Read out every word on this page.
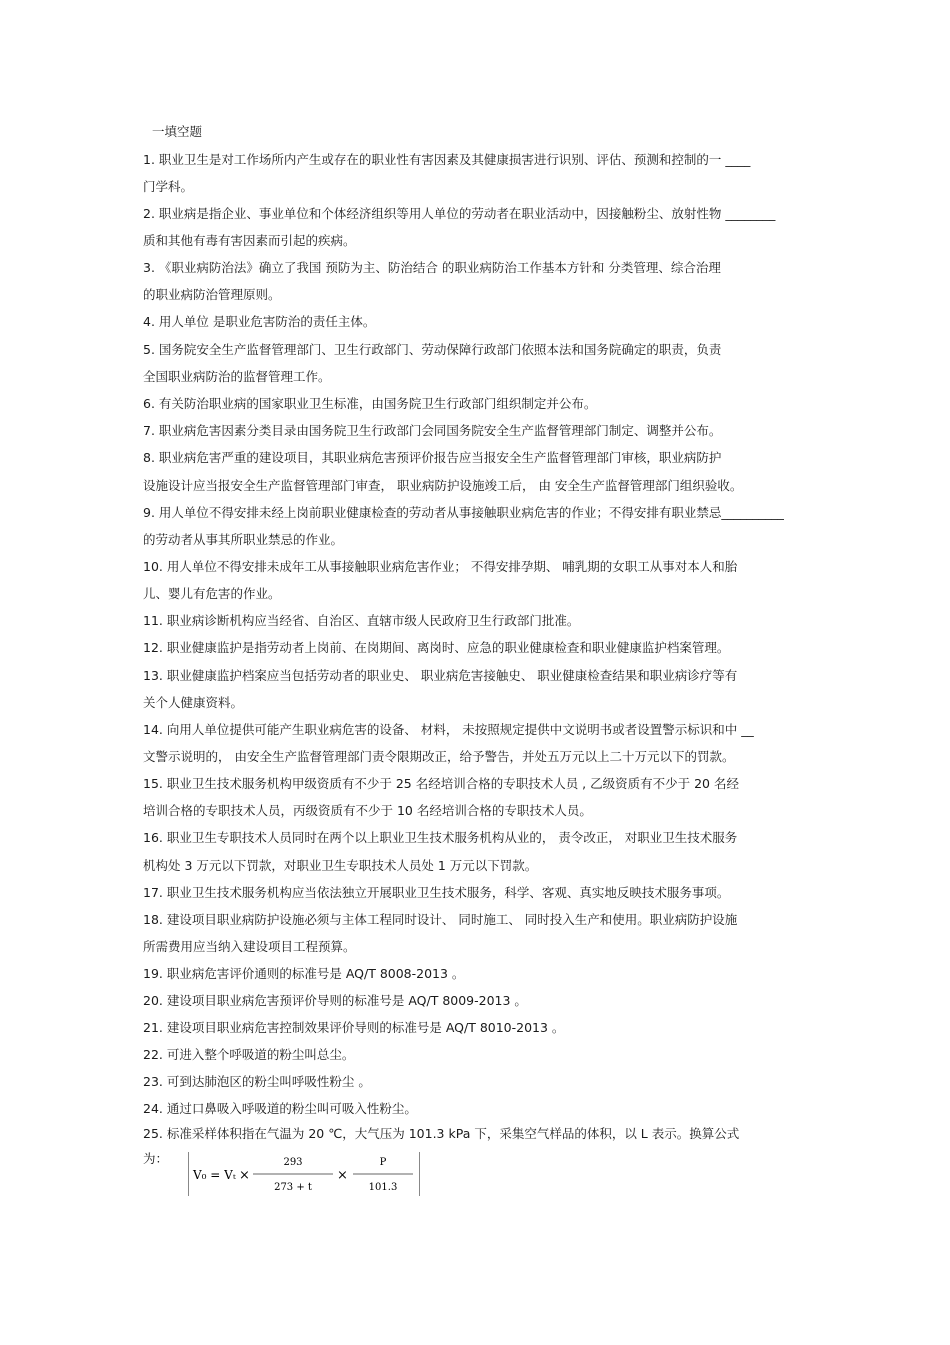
一填空题
1. 职业卫生是对工作场所内产生或存在的职业性有害因素及其健康损害进行识别、评估、预测和控制的一 ____
门学科。
2. 职业病是指企业、事业单位和个体经济组织等用人单位的劳动者在职业活动中，因接触粉尘、放射性物 ________
质和其他有毒有害因素而引起的疾病。
3. 《职业病防治法》确立了我国 预防为主、防治结合 的职业病防治工作基本方针和 分类管理、综合治理
的职业病防治管理原则。
4. 用人单位 是职业危害防治的责任主体。
5. 国务院安全生产监督管理部门、卫生行政部门、劳动保障行政部门依照本法和国务院确定的职责，负责
全国职业病防治的监督管理工作。
6. 有关防治职业病的国家职业卫生标准，由国务院卫生行政部门组织制定并公布。
7. 职业病危害因素分类目录由国务院卫生行政部门会同国务院安全生产监督管理部门制定、调整并公布。
8. 职业病危害严重的建设项目，其职业病危害预评价报告应当报安全生产监督管理部门审核，职业病防护
设施设计应当报安全生产监督管理部门审查， 职业病防护设施竣工后， 由 安全生产监督管理部门组织验收。
9. 用人单位不得安排未经上岗前职业健康检查的劳动者从事接触职业病危害的作业；不得安排有职业禁忌__________
的劳动者从事其所职业禁忌的作业。
10. 用人单位不得安排未成年工从事接触职业病危害作业； 不得安排孕期、 哺乳期的女职工从事对本人和胎
儿、婴儿有危害的作业。
11. 职业病诊断机构应当经省、自治区、直辖市级人民政府卫生行政部门批准。
12. 职业健康监护是指劳动者上岗前、在岗期间、离岗时、应急的职业健康检查和职业健康监护档案管理。
13. 职业健康监护档案应当包括劳动者的职业史、 职业病危害接触史、 职业健康检查结果和职业病诊疗等有
关个人健康资料。
14. 向用人单位提供可能产生职业病危害的设备、 材料， 未按照规定提供中文说明书或者设置警示标识和中 __
文警示说明的， 由安全生产监督管理部门责令限期改正，给予警告，并处五万元以上二十万元以下的罚款。
15. 职业卫生技术服务机构甲级资质有不少于 25 名经培训合格的专职技术人员 , 乙级资质有不少于 20 名经
培训合格的专职技术人员，丙级资质有不少于 10 名经培训合格的专职技术人员。
16. 职业卫生专职技术人员同时在两个以上职业卫生技术服务机构从业的， 责令改正， 对职业卫生技术服务
机构处 3 万元以下罚款，对职业卫生专职技术人员处 1 万元以下罚款。
17. 职业卫生技术服务机构应当依法独立开展职业卫生技术服务，科学、客观、真实地反映技术服务事项。
18. 建设项目职业病防护设施必须与主体工程同时设计、 同时施工、 同时投入生产和使用。职业病防护设施
所需费用应当纳入建设项目工程预算。
19. 职业病危害评价通则的标准号是 AQ/T 8008-2013 。
20. 建设项目职业病危害预评价导则的标准号是 AQ/T 8009-2013 。
21. 建设项目职业病危害控制效果评价导则的标准号是 AQ/T 8010-2013 。
22. 可进入整个呼吸道的粉尘叫总尘。
23. 可到达肺泡区的粉尘叫呼吸性粉尘 。
24. 通过口鼻吸入呼吸道的粉尘叫可吸入性粉尘。
25. 标准采样体积指在气温为 20 ℃，大气压为 101.3 kPa 下，采集空气样品的体积，以 L 表示。换算公式
为：
V₀ = Vₜ ×
293
273 + t
×
P
101.3
